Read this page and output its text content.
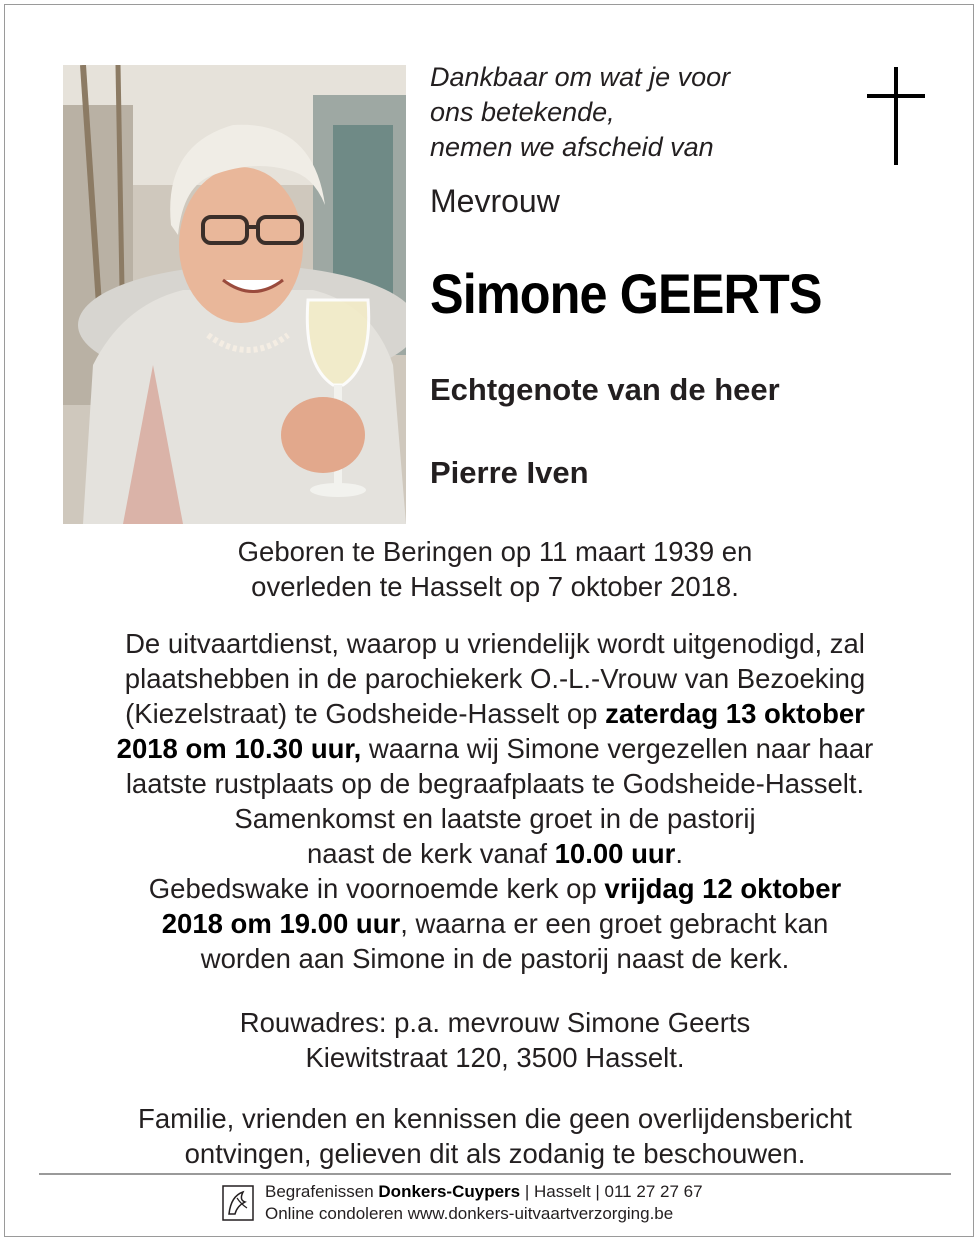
Dankbaar om wat je voor
ons betekende,
nemen we afscheid van
Mevrouw
Simone GEERTS
Echtgenote van de heer
Pierre Iven
Geboren te Beringen op 11 maart 1939 en
overleden te Hasselt op 7 oktober 2018.
De uitvaartdienst, waarop u vriendelijk wordt uitgenodigd, zal
plaatshebben in de parochiekerk O.-L.-Vrouw van Bezoeking
(Kiezelstraat) te Godsheide-Hasselt op zaterdag 13 oktober
2018 om 10.30 uur, waarna wij Simone vergezellen naar haar
laatste rustplaats op de begraafplaats te Godsheide-Hasselt.
Samenkomst en laatste groet in de pastorij
naast de kerk vanaf 10.00 uur.
Gebedswake in voornoemde kerk op vrijdag 12 oktober
2018 om 19.00 uur, waarna er een groet gebracht kan
worden aan Simone in de pastorij naast de kerk.
Rouwadres: p.a. mevrouw Simone Geerts
Kiewitstraat 120, 3500 Hasselt.
Familie, vrienden en kennissen die geen overlijdensbericht
ontvingen, gelieven dit als zodanig te beschouwen.
Begrafenissen Donkers-Cuypers | Hasselt | 011 27 27 67
Online condoleren www.donkers-uitvaartverzorging.be
